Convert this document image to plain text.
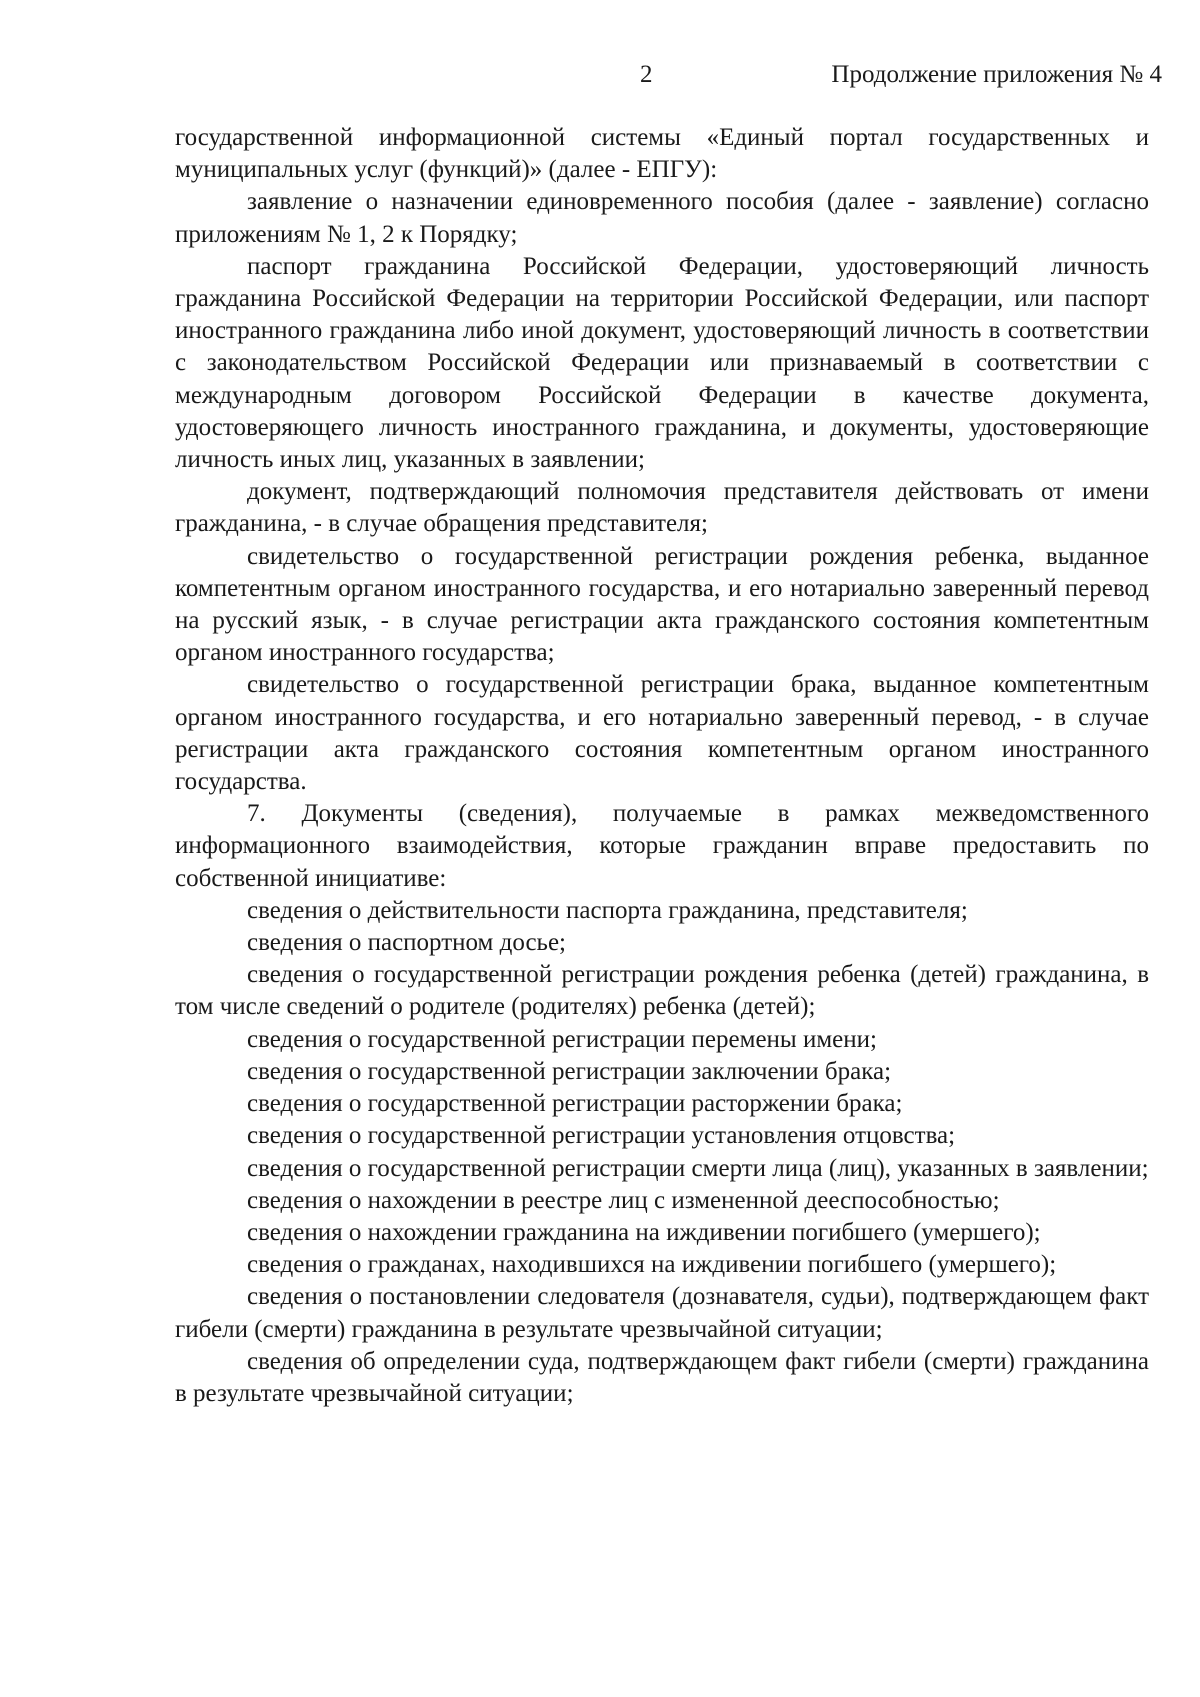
2	Продолжение приложения № 4

государственной информационной системы «Единый портал государственных и муниципальных услуг (функций)» (далее - ЕПГУ):

заявление о назначении единовременного пособия (далее - заявление) согласно приложениям № 1, 2 к Порядку;

паспорт гражданина Российской Федерации, удостоверяющий личность гражданина Российской Федерации на территории Российской Федерации, или паспорт иностранного гражданина либо иной документ, удостоверяющий личность в соответствии с законодательством Российской Федерации или признаваемый в соответствии с международным договором Российской Федерации в качестве документа, удостоверяющего личность иностранного гражданина, и документы, удостоверяющие личность иных лиц, указанных в заявлении;

документ, подтверждающий полномочия представителя действовать от имени гражданина, - в случае обращения представителя;

свидетельство о государственной регистрации рождения ребенка, выданное компетентным органом иностранного государства, и его нотариально заверенный перевод на русский язык, - в случае регистрации акта гражданского состояния компетентным органом иностранного государства;

свидетельство о государственной регистрации брака, выданное компетентным органом иностранного государства, и его нотариально заверенный перевод, - в случае регистрации акта гражданского состояния компетентным органом иностранного государства.

7. Документы (сведения), получаемые в рамках межведомственного информационного взаимодействия, которые гражданин вправе предоставить по собственной инициативе:

сведения о действительности паспорта гражданина, представителя;

сведения о паспортном досье;

сведения о государственной регистрации рождения ребенка (детей) гражданина, в том числе сведений о родителе (родителях) ребенка (детей);

сведения о государственной регистрации перемены имени;

сведения о государственной регистрации заключении брака;

сведения о государственной регистрации расторжении брака;

сведения о государственной регистрации установления отцовства;

сведения о государственной регистрации смерти лица (лиц), указанных в заявлении;

сведения о нахождении в реестре лиц с измененной дееспособностью;

сведения о нахождении гражданина на иждивении погибшего (умершего);

сведения о гражданах, находившихся на иждивении погибшего (умершего);

сведения о постановлении следователя (дознавателя, судьи), подтверждающем факт гибели (смерти) гражданина в результате чрезвычайной ситуации;

сведения об определении суда, подтверждающем факт гибели (смерти) гражданина в результате чрезвычайной ситуации;
